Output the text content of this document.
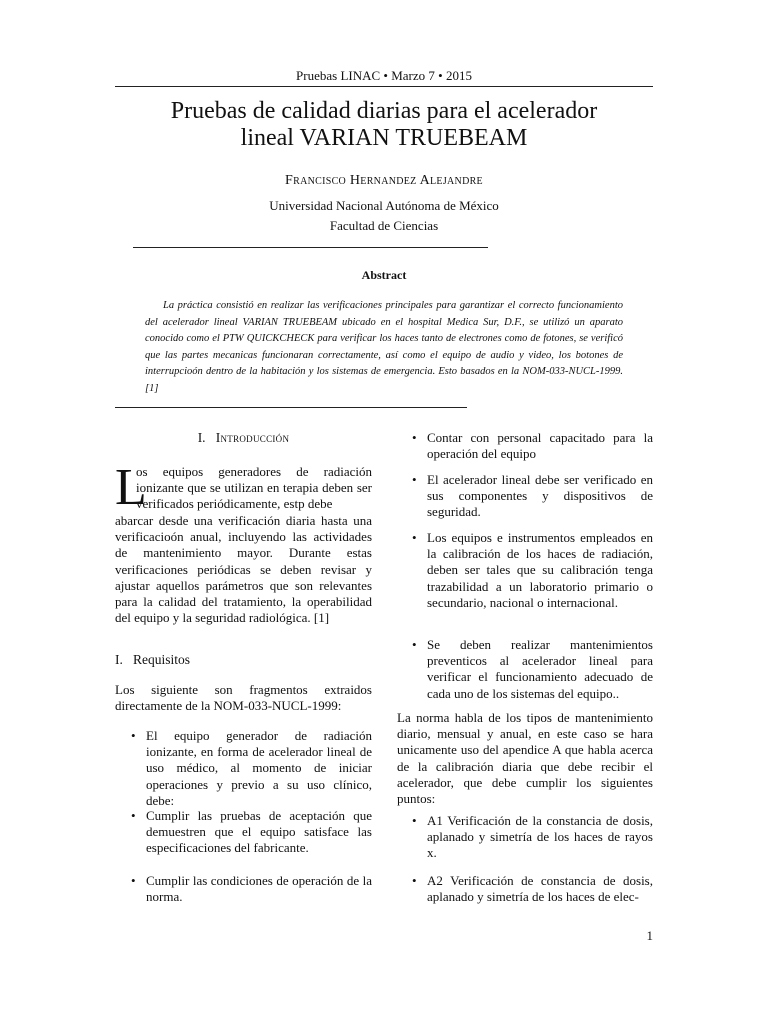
Pruebas LINAC • Marzo 7 • 2015
Pruebas de calidad diarias para el acelerador
lineal VARIAN TRUEBEAM
Francisco Hernandez Alejandre
Universidad Nacional Autónoma de México
Facultad de Ciencias
Abstract
La práctica consistió en realizar las verificaciones principales para garantizar el correcto funcionamiento del acelerador lineal VARIAN TRUEBEAM ubicado en el hospital Medica Sur, D.F., se utilizó un aparato conocido como el PTW QUICKCHECK para verificar los haces tanto de electrones como de fotones, se verificó que las partes mecanicas funcionaran correctamente, así como el equipo de audio y video, los botones de interrupcioón dentro de la habitación y los sistemas de emergencia. Esto basados en la NOM-033-NUCL-1999.[1]
I. Introducción
L
os equipos generadores de radiación ionizante que se utilizan en terapia deben ser verificados periódicamente, estp debe
abarcar desde una verificación diaria hasta una verificacioón anual, incluyendo las actividades de mantenimiento mayor. Durante estas verificaciones periódicas se deben revisar y ajustar aquellos parámetros que son relevantes para la calidad del tratamiento, la operabilidad del equipo y la seguridad radiológica. [1]
I. Requisitos
Los siguiente son fragmentos extraidos directamente de la NOM-033-NUCL-1999:
• El equipo generador de radiación ionizante, en forma de acelerador lineal de uso médico, al momento de iniciar operaciones y previo a su uso clínico, debe:
• Cumplir las pruebas de aceptación que demuestren que el equipo satisface las especificaciones del fabricante.
• Cumplir las condiciones de operación de la norma.
• Contar con personal capacitado para la operación del equipo
• El acelerador lineal debe ser verificado en sus componentes y dispositivos de seguridad.
• Los equipos e instrumentos empleados en la calibración de los haces de radiación, deben ser tales que su calibración tenga trazabilidad a un laboratorio primario o secundario, nacional o internacional.
• Se deben realizar mantenimientos preventicos al acelerador lineal para verificar el funcionamiento adecuado de cada uno de los sistemas del equipo..
La norma habla de los tipos de mantenimiento diario, mensual y anual, en este caso se hara unicamente uso del apendice A que habla acerca de la calibración diaria que debe recibir el acelerador, que debe cumplir los siguientes puntos:
• A1 Verificación de la constancia de dosis, aplanado y simetría de los haces de rayos x.
• A2 Verificación de constancia de dosis, aplanado y simetría de los haces de elec-
1
